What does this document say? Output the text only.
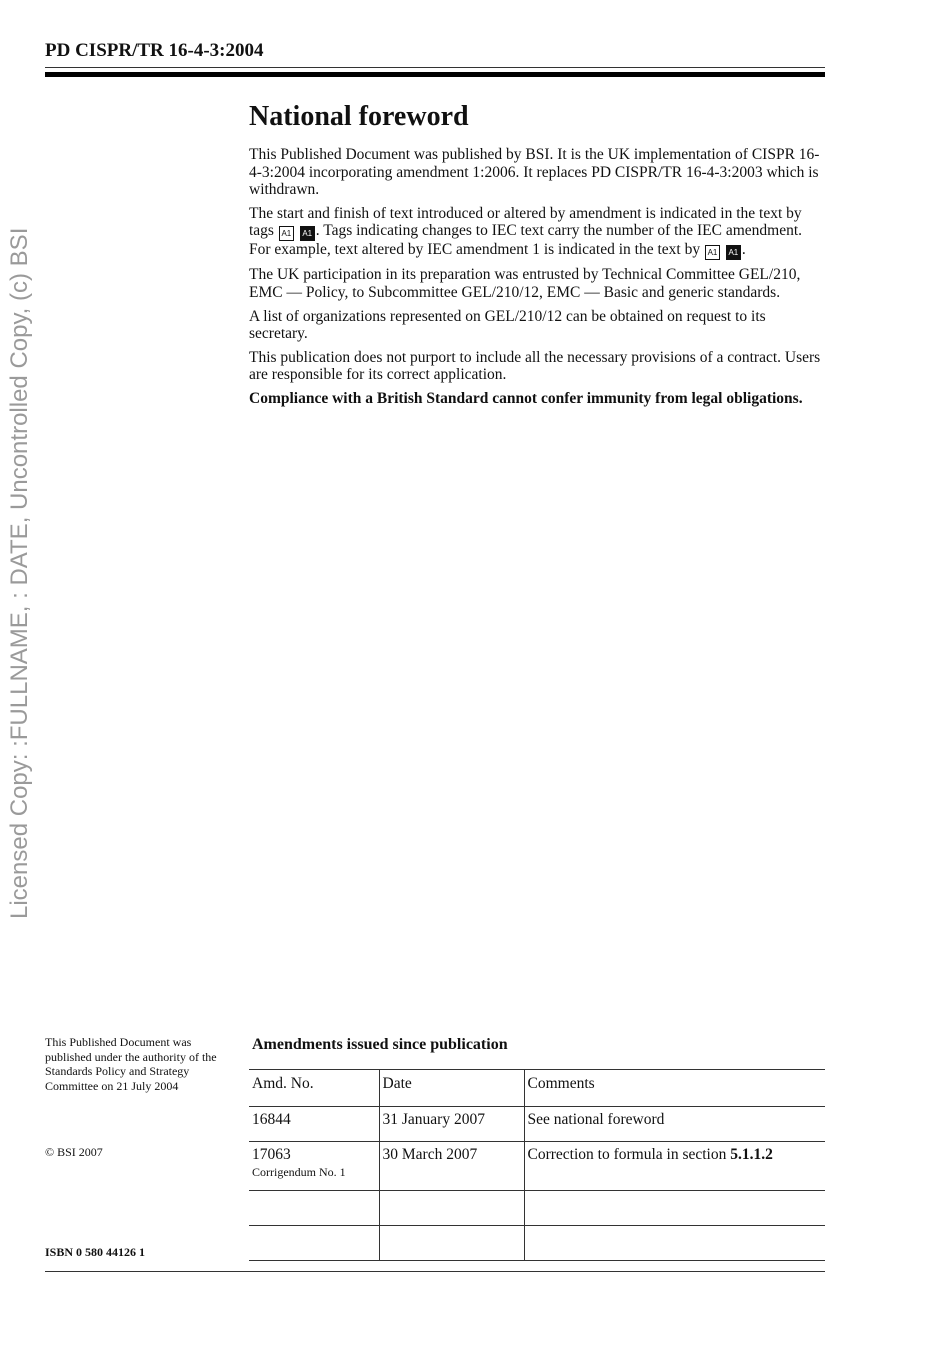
PD CISPR/TR 16-4-3:2004
Licensed Copy: :FULLNAME, : DATE, Uncontrolled Copy, (c) BSI
National foreword

This Published Document was published by BSI. It is the UK implementation of CISPR 16-4-3:2004 incorporating amendment 1:2006. It replaces PD CISPR/TR 16-4-3:2003 which is withdrawn.

The start and finish of text introduced or altered by amendment is indicated in the text by tags A1 A1 . Tags indicating changes to IEC text carry the number of the IEC amendment. For example, text altered by IEC amendment 1 is indicated in the text by A1 A1 .

The UK participation in its preparation was entrusted by Technical Committee GEL/210, EMC — Policy, to Subcommittee GEL/210/12, EMC — Basic and generic standards.

A list of organizations represented on GEL/210/12 can be obtained on request to its secretary.

This publication does not purport to include all the necessary provisions of a contract. Users are responsible for its correct application.

Compliance with a British Standard cannot confer immunity from legal obligations.

This Published Document was published under the authority of the Standards Policy and Strategy Committee on 21 July 2004
© BSI 2007
ISBN 0 580 44126 1
Amendments issued since publication
Amd. No.	Date	Comments
16844	31 January 2007	See national foreword
17063
Corrigendum No. 1	30 March 2007	Correction to formula in section 5.1.1.2
